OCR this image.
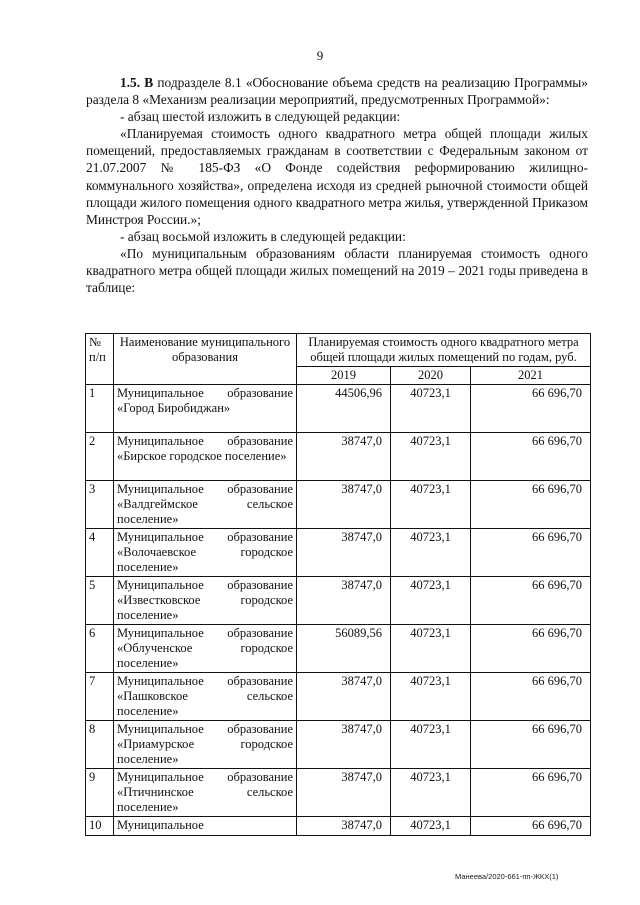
9

1.5. В подразделе 8.1 «Обоснование объема средств на реализацию Программы» раздела 8 «Механизм реализации мероприятий, предусмотренных Программой»:

- абзац шестой изложить в следующей редакции:

«Планируемая стоимость одного квадратного метра общей площади жилых помещений, предоставляемых гражданам в соответствии с Федеральным законом от 21.07.2007 № 185-ФЗ «О Фонде содействия реформированию жилищно-коммунального хозяйства», определена исходя из средней рыночной стоимости общей площади жилого помещения одного квадратного метра жилья, утвержденной Приказом Минстроя России.»;

- абзац восьмой изложить в следующей редакции:

«По муниципальным образованиям области планируемая стоимость одного квадратного метра общей площади жилых помещений на 2019 – 2021 годы приведена в таблице:

№ п/п	Наименование муниципального образования	Планируемая стоимость одного квадратного метра общей площади жилых помещений по годам, руб.		
		2019	2020	2021
1	Муниципальное образование «Город Биробиджан»	44506,96	40723,1	66 696,70
2	Муниципальное образование «Бирское городское поселение»	38747,0	40723,1	66 696,70
3	Муниципальное образование «Валдгеймское сельское поселение»	38747,0	40723,1	66 696,70
4	Муниципальное образование «Волочаевское городское поселение»	38747,0	40723,1	66 696,70
5	Муниципальное образование «Известковское городское поселение»	38747,0	40723,1	66 696,70
6	Муниципальное образование «Облученское городское поселение»	56089,56	40723,1	66 696,70
7	Муниципальное образование «Пашковское сельское поселение»	38747,0	40723,1	66 696,70
8	Муниципальное образование «Приамурское городское поселение»	38747,0	40723,1	66 696,70
9	Муниципальное образование «Птичнинское сельское поселение»	38747,0	40723,1	66 696,70
10	Муниципальное	38747,0	40723,1	66 696,70
Манеева/2020-661-пп-ЖКХ(1)
